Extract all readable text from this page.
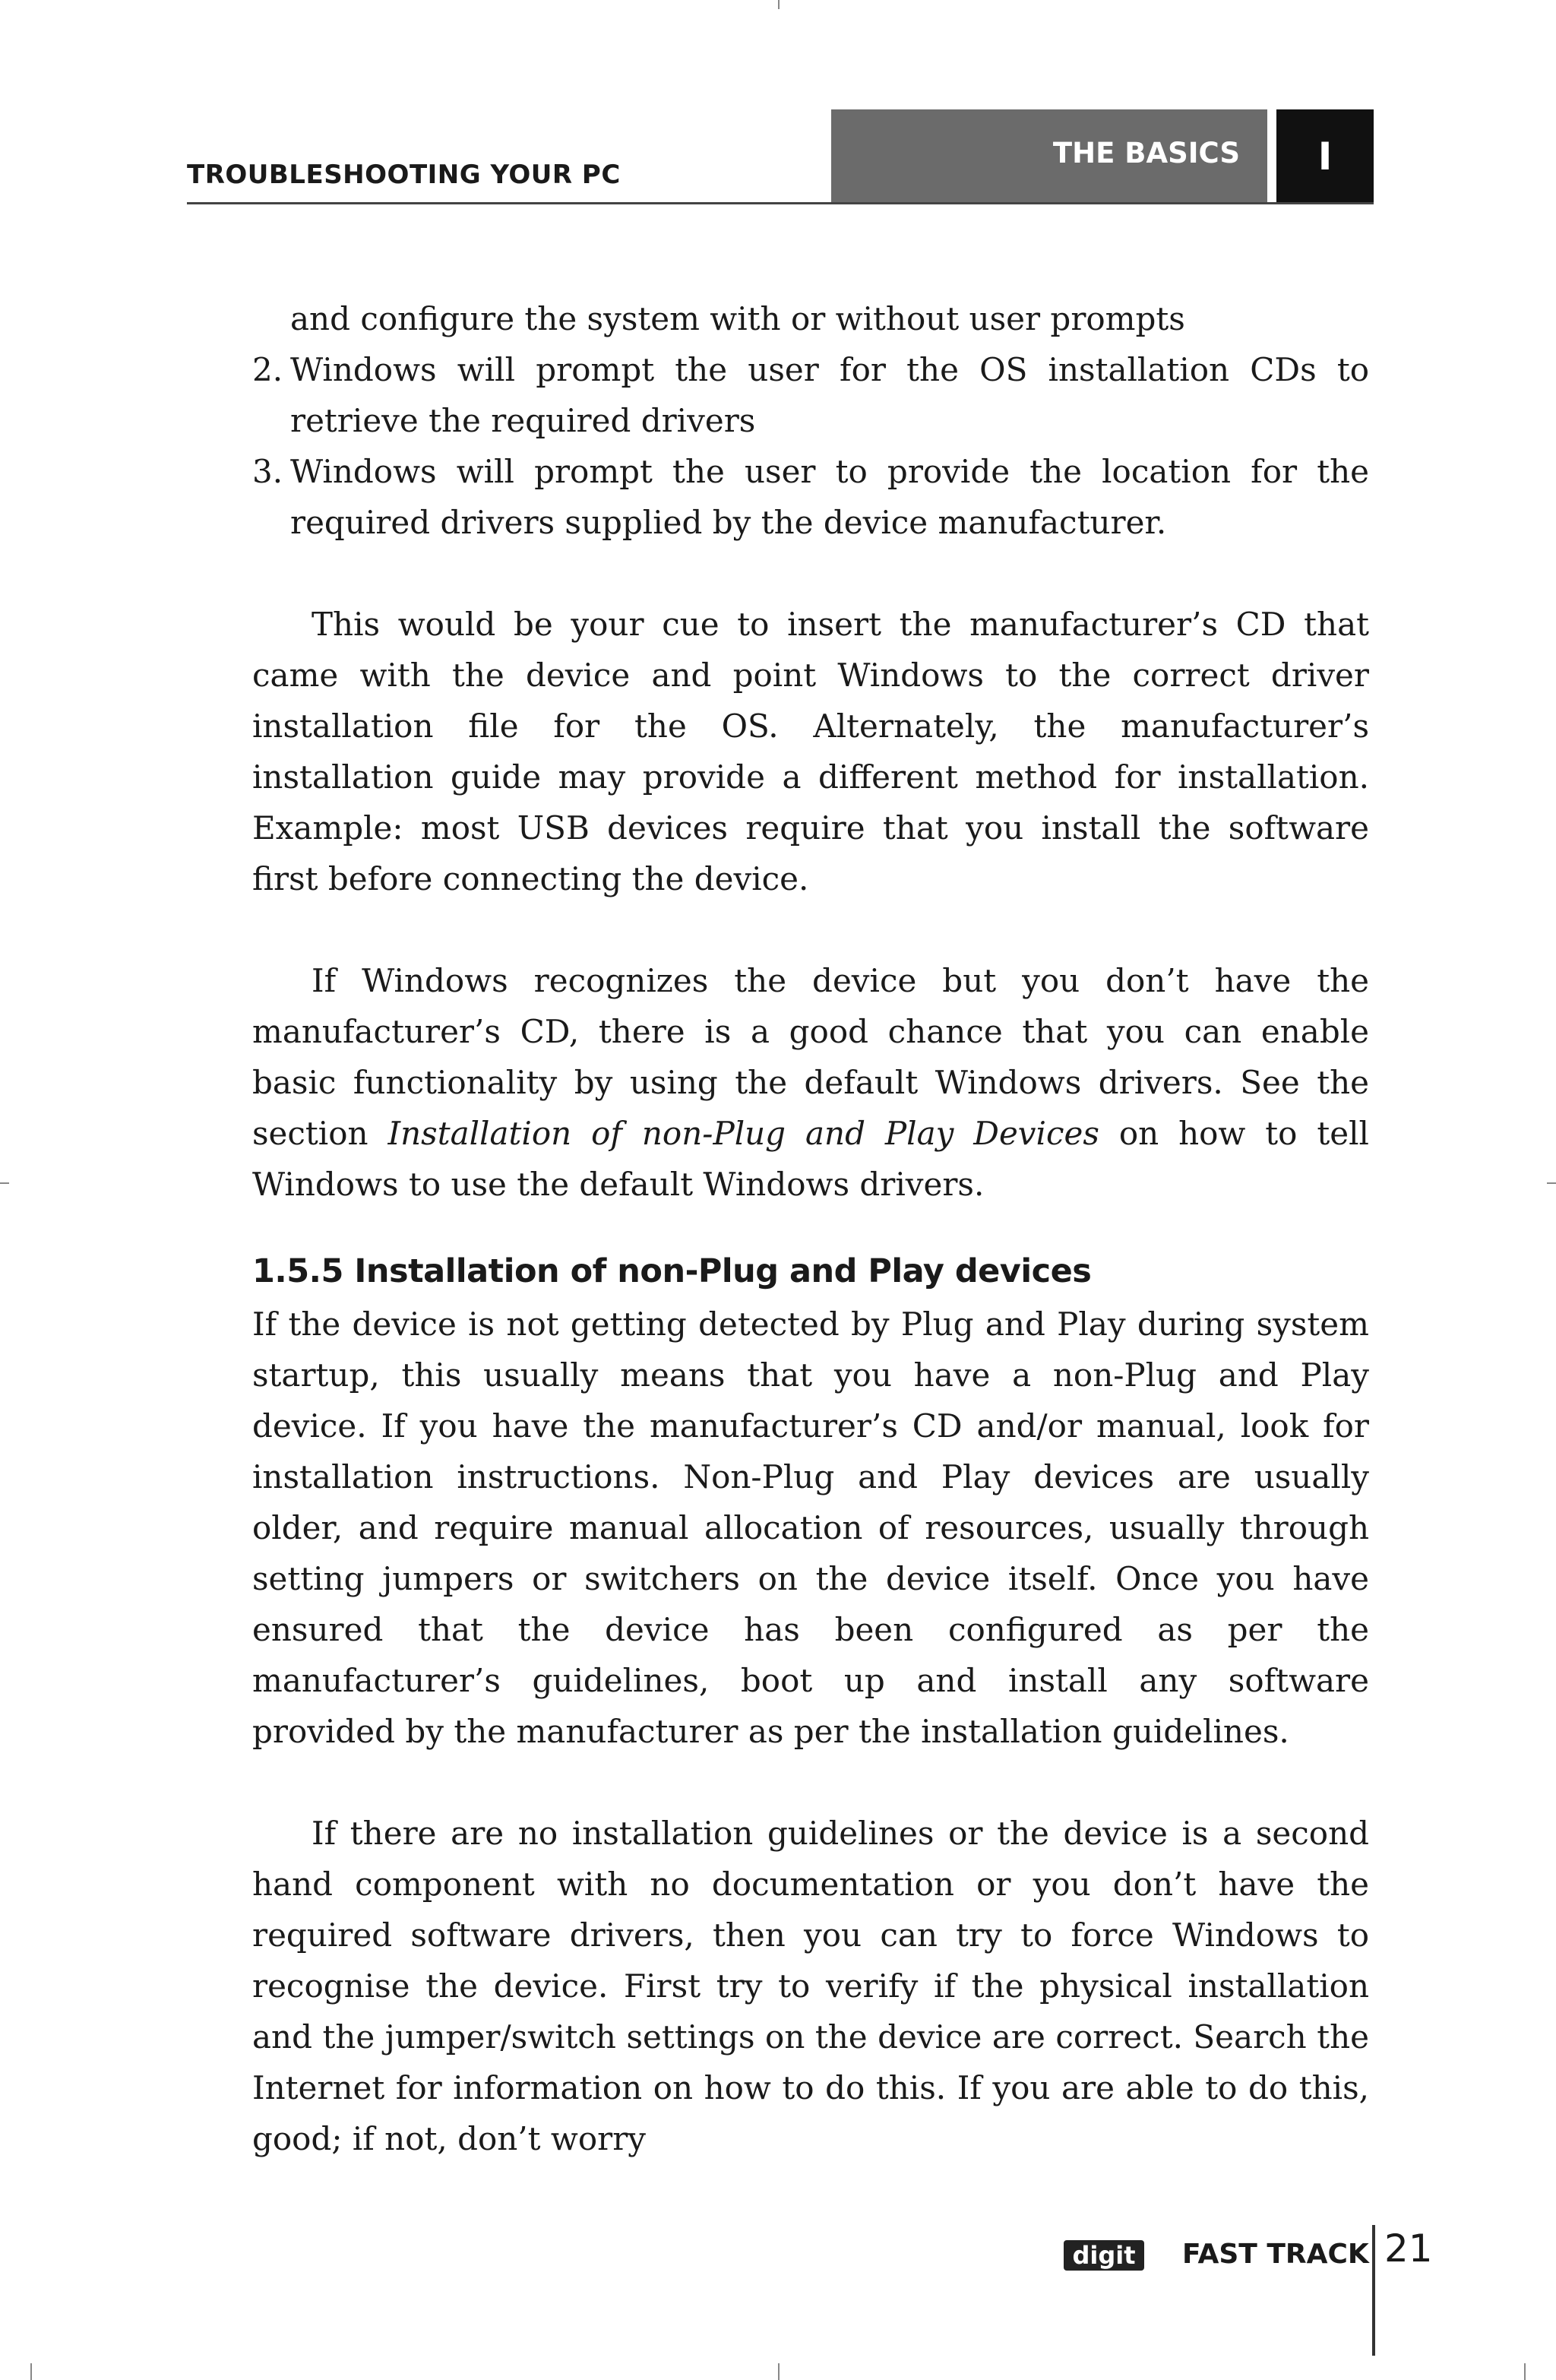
TROUBLESHOOTING YOUR PC
THE BASICS	I

and configure the system with or without user prompts

2. Windows will prompt the user for the OS installation CDs to retrieve the required drivers

3. Windows will prompt the user to provide the location for the required drivers supplied by the device manufacturer.

This would be your cue to insert the manufacturer’s CD that came with the device and point Windows to the correct driver installation file for the OS. Alternately, the manufacturer’s installation guide may provide a different method for installation. Example: most USB devices require that you install the software first before connecting the device.

If Windows recognizes the device but you don’t have the manufacturer’s CD, there is a good chance that you can enable basic functionality by using the default Windows drivers. See the section Installation of non-Plug and Play Devices on how to tell Windows to use the default Windows drivers.

1.5.5 Installation of non-Plug and Play devices

If the device is not getting detected by Plug and Play during system startup, this usually means that you have a non-Plug and Play device. If you have the manufacturer’s CD and/or manual, look for installation instructions. Non-Plug and Play devices are usually older, and require manual allocation of resources, usually through setting jumpers or switchers on the device itself. Once you have ensured that the device has been configured as per the manufacturer’s guidelines, boot up and install any software provided by the manufacturer as per the installation guidelines.

If there are no installation guidelines or the device is a second hand component with no documentation or you don’t have the required software drivers, then you can try to force Windows to recognise the device. First try to verify if the physical installation and the jumper/switch settings on the device are correct. Search the Internet for information on how to do this. If you are able to do this, good; if not, don’t worry

digit	FAST TRACK 21
